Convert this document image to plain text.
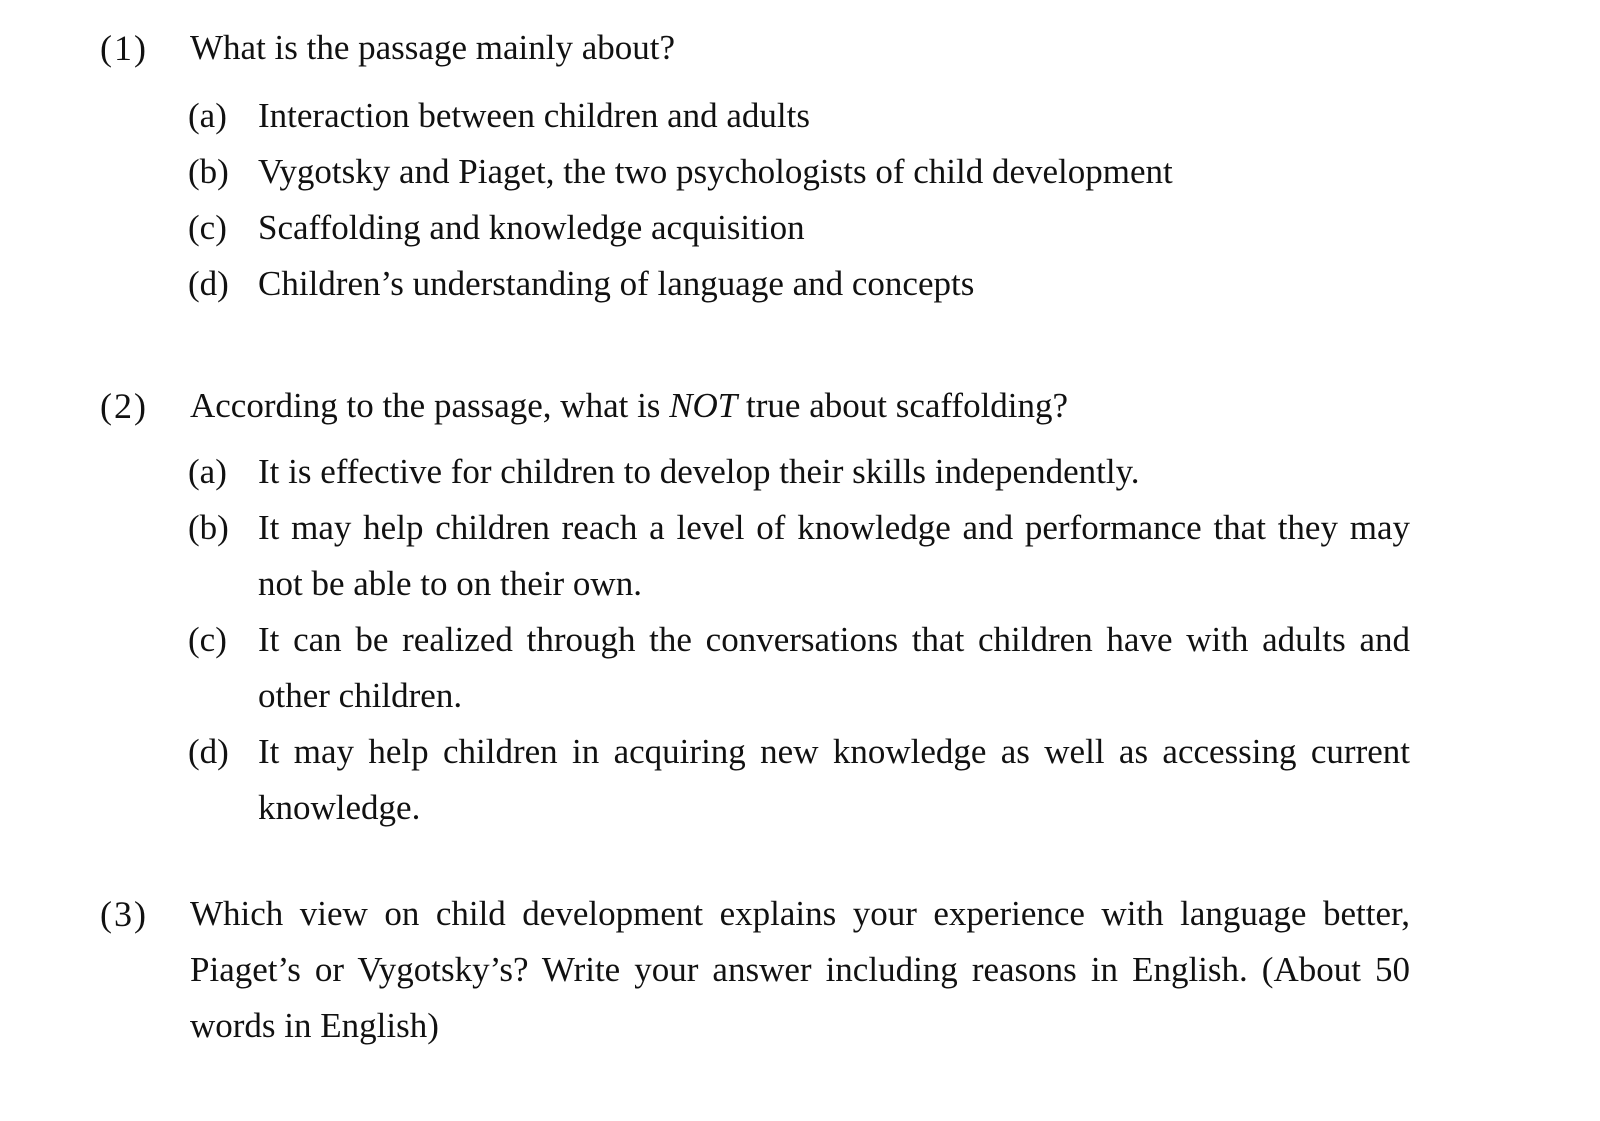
(1) What is the passage mainly about?
(a) Interaction between children and adults
(b) Vygotsky and Piaget, the two psychologists of child development
(c) Scaffolding and knowledge acquisition
(d) Children’s understanding of language and concepts
(2) According to the passage, what is NOT true about scaffolding?
(a) It is effective for children to develop their skills independently.
(b) It may help children reach a level of knowledge and performance that they may not be able to on their own.
(c) It can be realized through the conversations that children have with adults and other children.
(d) It may help children in acquiring new knowledge as well as accessing current knowledge.
(3) Which view on child development explains your experience with language better, Piaget’s or Vygotsky’s? Write your answer including reasons in English. (About 50 words in English)
